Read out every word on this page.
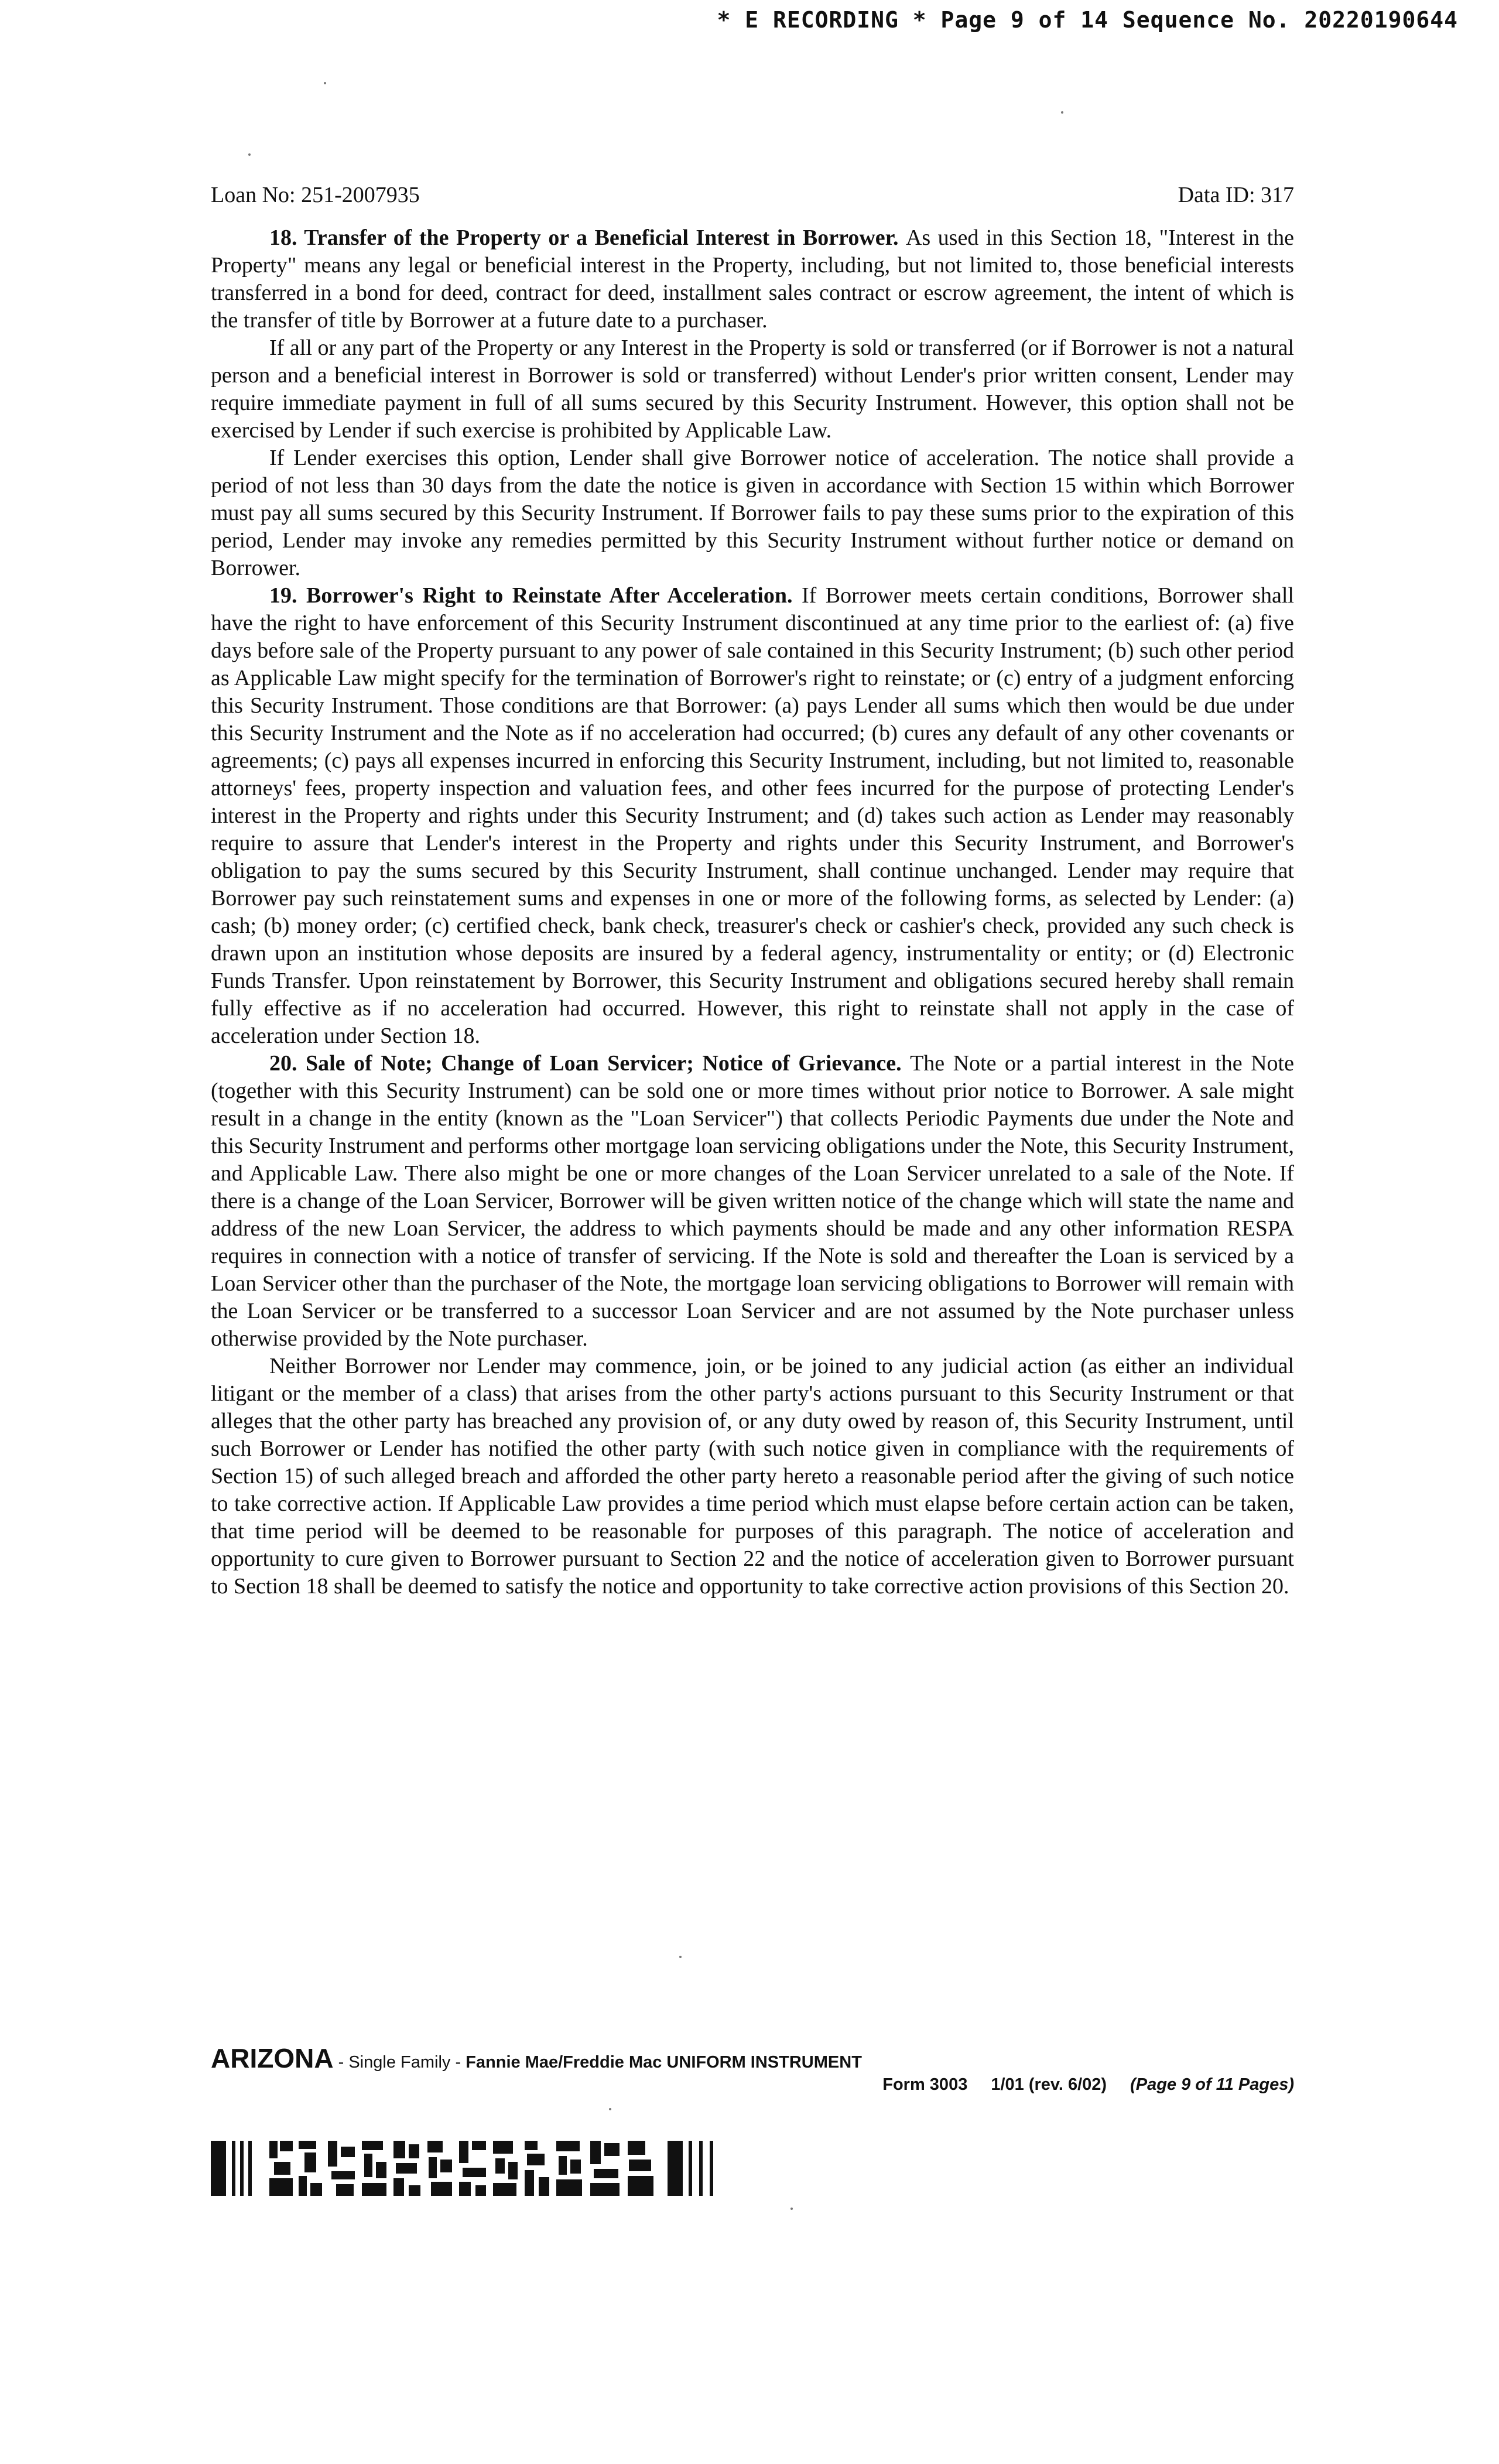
* E RECORDING * Page 9 of 14 Sequence No. 20220190644
Loan No: 251-2007935	Data ID: 317

18. Transfer of the Property or a Beneficial Interest in Borrower. As used in this Section 18, "Interest in the Property" means any legal or beneficial interest in the Property, including, but not limited to, those beneficial interests transferred in a bond for deed, contract for deed, installment sales contract or escrow agreement, the intent of which is the transfer of title by Borrower at a future date to a purchaser.

If all or any part of the Property or any Interest in the Property is sold or transferred (or if Borrower is not a natural person and a beneficial interest in Borrower is sold or transferred) without Lender's prior written consent, Lender may require immediate payment in full of all sums secured by this Security Instrument. However, this option shall not be exercised by Lender if such exercise is prohibited by Applicable Law.

If Lender exercises this option, Lender shall give Borrower notice of acceleration. The notice shall provide a period of not less than 30 days from the date the notice is given in accordance with Section 15 within which Borrower must pay all sums secured by this Security Instrument. If Borrower fails to pay these sums prior to the expiration of this period, Lender may invoke any remedies permitted by this Security Instrument without further notice or demand on Borrower.

19. Borrower's Right to Reinstate After Acceleration. If Borrower meets certain conditions, Borrower shall have the right to have enforcement of this Security Instrument discontinued at any time prior to the earliest of: (a) five days before sale of the Property pursuant to any power of sale contained in this Security Instrument; (b) such other period as Applicable Law might specify for the termination of Borrower's right to reinstate; or (c) entry of a judgment enforcing this Security Instrument. Those conditions are that Borrower: (a) pays Lender all sums which then would be due under this Security Instrument and the Note as if no acceleration had occurred; (b) cures any default of any other covenants or agreements; (c) pays all expenses incurred in enforcing this Security Instrument, including, but not limited to, reasonable attorneys' fees, property inspection and valuation fees, and other fees incurred for the purpose of protecting Lender's interest in the Property and rights under this Security Instrument; and (d) takes such action as Lender may reasonably require to assure that Lender's interest in the Property and rights under this Security Instrument, and Borrower's obligation to pay the sums secured by this Security Instrument, shall continue unchanged. Lender may require that Borrower pay such reinstatement sums and expenses in one or more of the following forms, as selected by Lender: (a) cash; (b) money order; (c) certified check, bank check, treasurer's check or cashier's check, provided any such check is drawn upon an institution whose deposits are insured by a federal agency, instrumentality or entity; or (d) Electronic Funds Transfer. Upon reinstatement by Borrower, this Security Instrument and obligations secured hereby shall remain fully effective as if no acceleration had occurred. However, this right to reinstate shall not apply in the case of acceleration under Section 18.

20. Sale of Note; Change of Loan Servicer; Notice of Grievance. The Note or a partial interest in the Note (together with this Security Instrument) can be sold one or more times without prior notice to Borrower. A sale might result in a change in the entity (known as the "Loan Servicer") that collects Periodic Payments due under the Note and this Security Instrument and performs other mortgage loan servicing obligations under the Note, this Security Instrument, and Applicable Law. There also might be one or more changes of the Loan Servicer unrelated to a sale of the Note. If there is a change of the Loan Servicer, Borrower will be given written notice of the change which will state the name and address of the new Loan Servicer, the address to which payments should be made and any other information RESPA requires in connection with a notice of transfer of servicing. If the Note is sold and thereafter the Loan is serviced by a Loan Servicer other than the purchaser of the Note, the mortgage loan servicing obligations to Borrower will remain with the Loan Servicer or be transferred to a successor Loan Servicer and are not assumed by the Note purchaser unless otherwise provided by the Note purchaser.

Neither Borrower nor Lender may commence, join, or be joined to any judicial action (as either an individual litigant or the member of a class) that arises from the other party's actions pursuant to this Security Instrument or that alleges that the other party has breached any provision of, or any duty owed by reason of, this Security Instrument, until such Borrower or Lender has notified the other party (with such notice given in compliance with the requirements of Section 15) of such alleged breach and afforded the other party hereto a reasonable period after the giving of such notice to take corrective action. If Applicable Law provides a time period which must elapse before certain action can be taken, that time period will be deemed to be reasonable for purposes of this paragraph. The notice of acceleration and opportunity to cure given to Borrower pursuant to Section 22 and the notice of acceleration given to Borrower pursuant to Section 18 shall be deemed to satisfy the notice and opportunity to take corrective action provisions of this Section 20.

ARIZONA - Single Family - Fannie Mae/Freddie Mac UNIFORM INSTRUMENT
Form 3003 1/01 (rev. 6/02) (Page 9 of 11 Pages)
